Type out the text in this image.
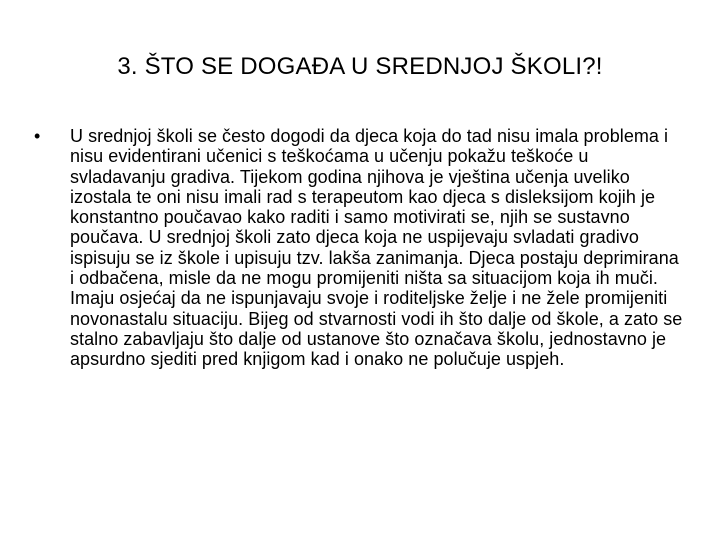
3. ŠTO SE DOGAĐA U SREDNJOJ ŠKOLI?!
• U srednjoj školi se često dogodi da djeca koja do tad nisu imala problema i nisu evidentirani učenici s teškoćama u učenju pokažu teškoće u svladavanju gradiva. Tijekom godina njihova je vještina učenja uveliko izostala te oni nisu imali rad s terapeutom kao djeca s disleksijom kojih je konstantno poučavao kako raditi i samo motivirati se, njih se sustavno poučava. U srednjoj školi zato djeca koja ne uspijevaju svladati gradivo ispisuju se iz škole i upisuju tzv. lakša zanimanja. Djeca postaju deprimirana i odbačena, misle da ne mogu promijeniti ništa sa situacijom koja ih muči. Imaju osjećaj da ne ispunjavaju svoje i roditeljske želje i ne žele promijeniti novonastalu situaciju. Bijeg od stvarnosti vodi ih što dalje od škole, a zato se stalno zabavljaju što dalje od ustanove što označava školu, jednostavno je apsurdno sjediti pred knjigom kad i onako ne polučuje uspjeh.
